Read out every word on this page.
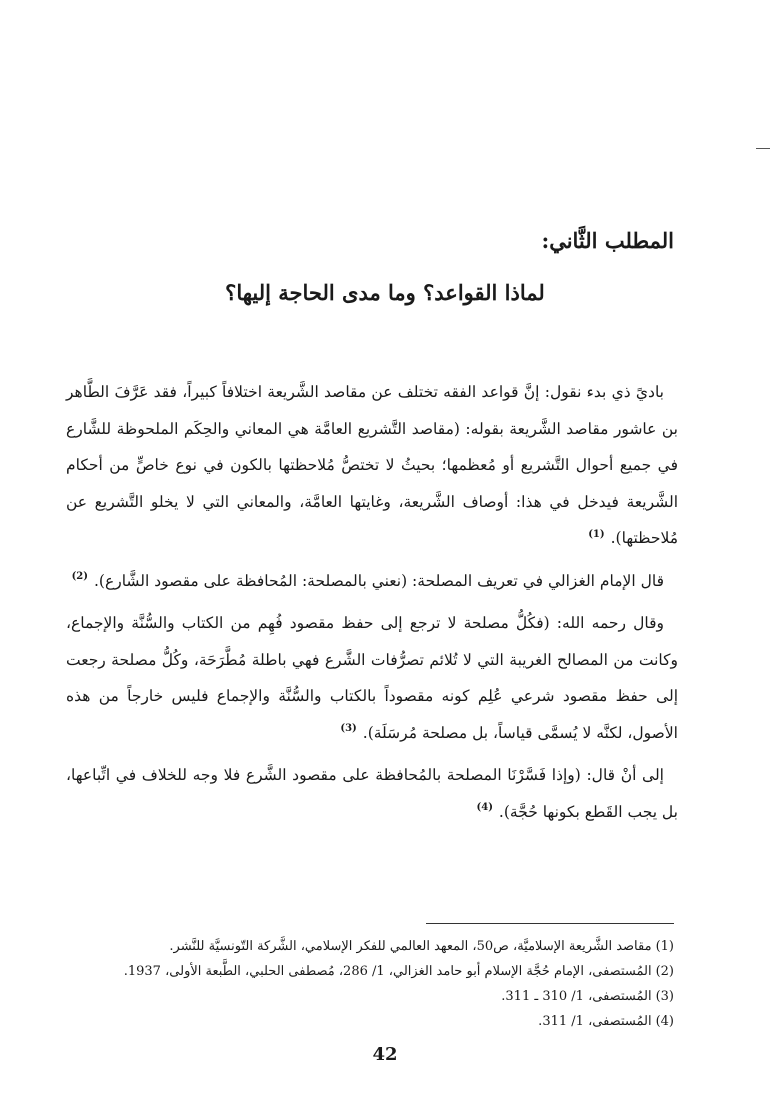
المطلب الثَّاني:
لماذا القواعد؟ وما مدى الحاجة إليها؟

باديً ذي بدء نقول: إنَّ قواعد الفقه تختلف عن مقاصد الشَّريعة اختلافاً كبيراً، فقد عَرَّفَ الطَّاهر بن عاشور مقاصد الشَّريعة بقوله: (مقاصد التَّشريع العامَّة هي المعاني والحِكَم الملحوظة للشَّارع في جميع أحوال التَّشريع أو مُعظمها؛ بحيثُ لا تختصُّ مُلاحظتها بالكون في نوع خاصٍّ من أحكام الشَّريعة فيدخل في هذا: أوصاف الشَّريعة، وغايتها العامَّة، والمعاني التي لا يخلو التَّشريع عن مُلاحظتها).$^{(1)}$

قال الإمام الغزالي في تعريف المصلحة: (نعني بالمصلحة: المُحافظة على مقصود الشَّارع).$^{(2)}$

وقال رحمه الله: (فكُلُّ مصلحة لا ترجع إلى حفظ مقصود فُهِم من الكتاب والسُّنَّة والإجماع، وكانت من المصالح الغريبة التي لا تُلائم تصرُّفات الشَّرع فهي باطلة مُطَّرَحَة، وكُلُّ مصلحة رجعت إلى حفظ مقصود شرعي عُلِم كونه مقصوداً بالكتاب والسُّنَّة والإجماع فليس خارجاً من هذه الأصول، لكنَّه لا يُسمَّى قياساً، بل مصلحة مُرسَلَة).$^{(3)}$

إلى أنْ قال: (وإذا فَسَّرْنَا المصلحة بالمُحافظة على مقصود الشَّرع فلا وجه للخلاف في اتِّباعها، بل يجب القَطع بكونها حُجَّة).$^{(4)}$

(1)مقاصد الشَّريعة الإسلاميَّة، ص50، المعهد العالمي للفكر الإسلامي، الشَّركة التّونسيَّة للنَّشر.

(2)المُستصفى، الإمام حُجَّة الإسلام أبو حامد الغزالي، 1/ 286، مُصطفى الحلبي، الطَّبعة الأولى، 1937.

(3)المُستصفى، 1/ 310 ـ 311.

(4)المُستصفى، 1/ 311.

42
